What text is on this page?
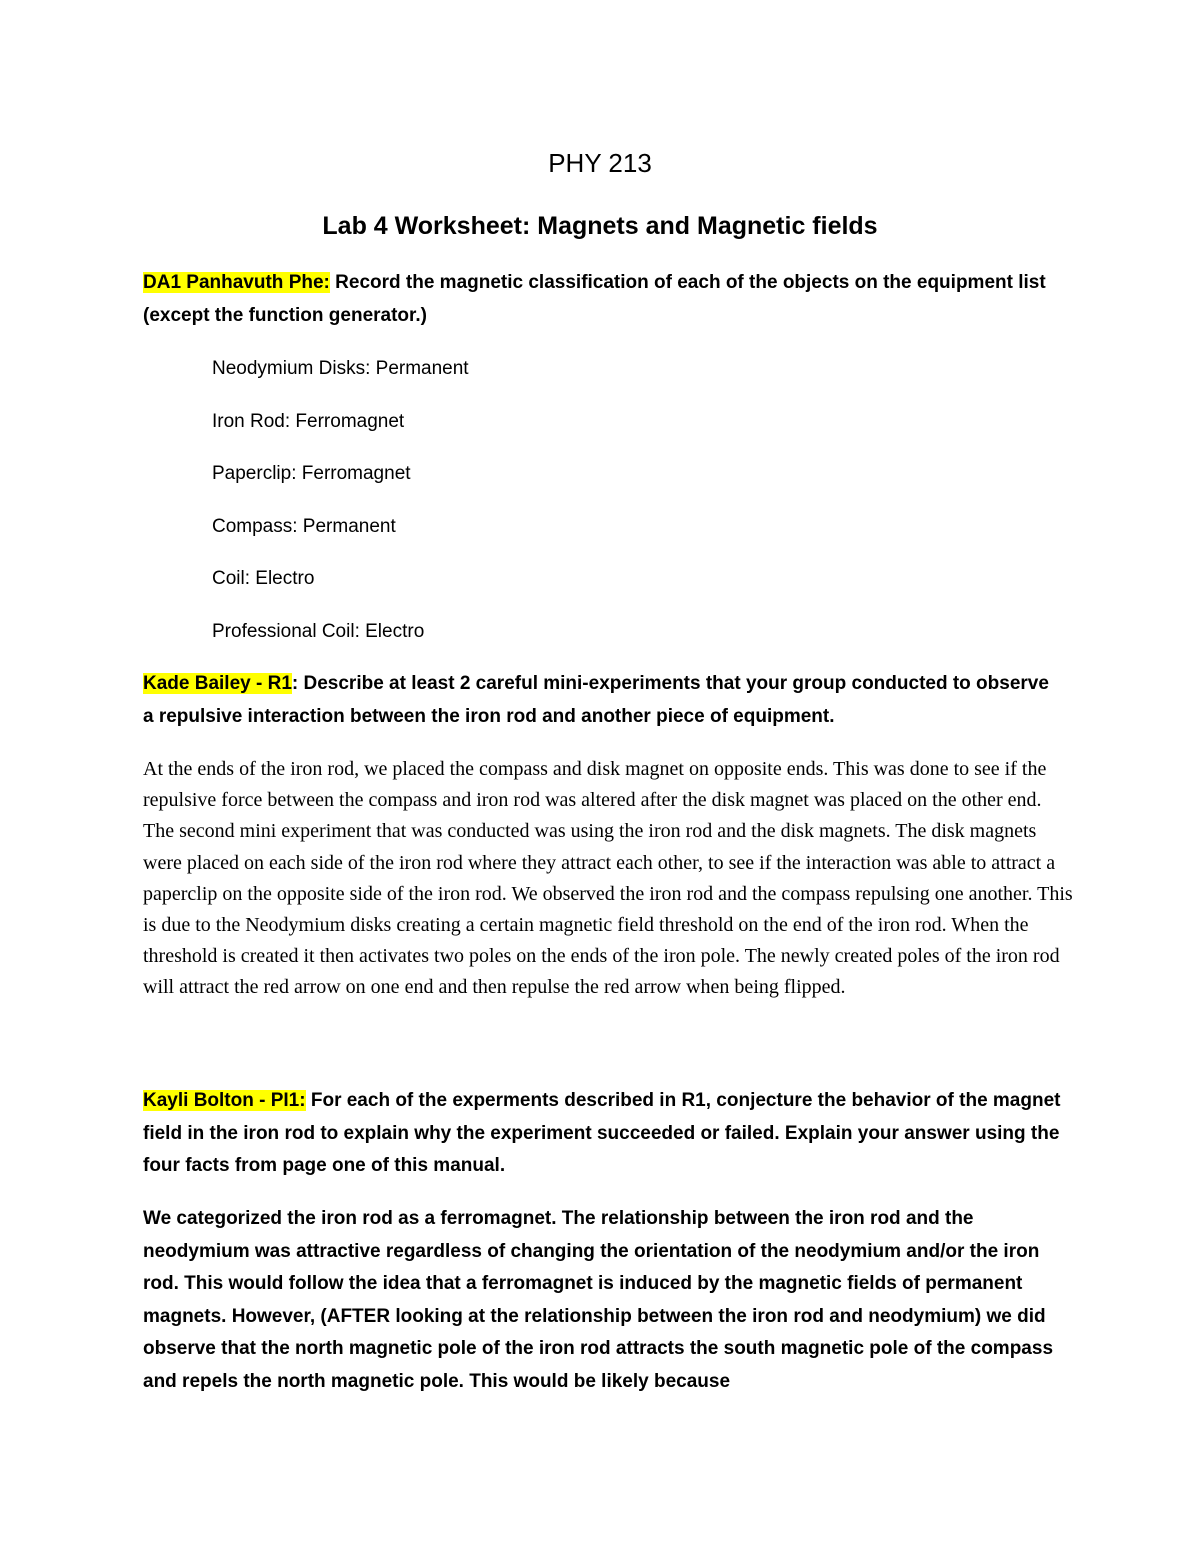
PHY 213
Lab 4 Worksheet: Magnets and Magnetic fields
DA1 Panhavuth Phe: Record the magnetic classification of each of the objects on the equipment list (except the function generator.)
Neodymium Disks: Permanent
Iron Rod: Ferromagnet
Paperclip: Ferromagnet
Compass: Permanent
Coil: Electro
Professional Coil: Electro
Kade Bailey - R1: Describe at least 2 careful mini-experiments that your group conducted to observe a repulsive interaction between the iron rod and another piece of equipment.

At the ends of the iron rod, we placed the compass and disk magnet on opposite ends. This was done to see if the repulsive force between the compass and iron rod was altered after the disk magnet was placed on the other end. The second mini experiment that was conducted was using the iron rod and the disk magnets. The disk magnets were placed on each side of the iron rod where they attract each other, to see if the interaction was able to attract a paperclip on the opposite side of the iron rod. We observed the iron rod and the compass repulsing one another. This is due to the Neodymium disks creating a certain magnetic field threshold on the end of the iron rod. When the threshold is created it then activates two poles on the ends of the iron pole. The newly created poles of the iron rod will attract the red arrow on one end and then repulse the red arrow when being flipped.

Kayli Bolton - PI1: For each of the experments described in R1, conjecture the behavior of the magnet field in the iron rod to explain why the experiment succeeded or failed. Explain your answer using the four facts from page one of this manual.

We categorized the iron rod as a ferromagnet. The relationship between the iron rod and the neodymium was attractive regardless of changing the orientation of the neodymium and/or the iron rod. This would follow the idea that a ferromagnet is induced by the magnetic fields of permanent magnets. However, (AFTER looking at the relationship between the iron rod and neodymium) we did observe that the north magnetic pole of the iron rod attracts the south magnetic pole of the compass and repels the north magnetic pole. This would be likely because
